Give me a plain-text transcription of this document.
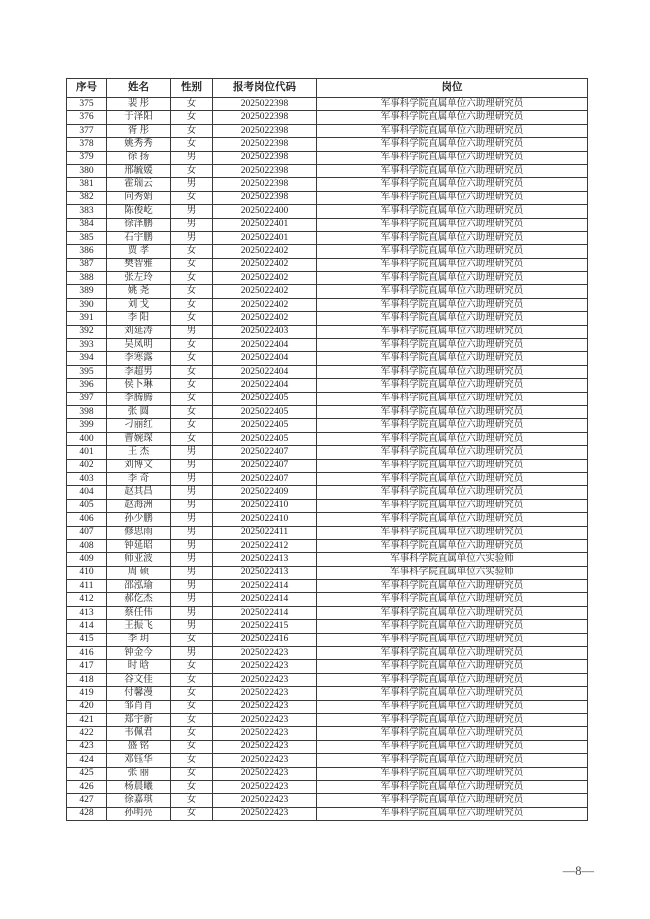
序号	姓名	性别	报考岗位代码	岗位
375	裴 彤	女	2025022398	军事科学院直属单位六助理研究员
376	于泽阳	女	2025022398	军事科学院直属单位六助理研究员
377	胥 彤	女	2025022398	军事科学院直属单位六助理研究员
378	姚秀秀	女	2025022398	军事科学院直属单位六助理研究员
379	徐 扬	男	2025022398	军事科学院直属单位六助理研究员
380	邢毓媛	女	2025022398	军事科学院直属单位六助理研究员
381	霍瑞云	男	2025022398	军事科学院直属单位六助理研究员
382	向秀娟	女	2025022398	军事科学院直属单位六助理研究员
383	陈俊屹	男	2025022400	军事科学院直属单位六助理研究员
384	徐泽鹏	男	2025022401	军事科学院直属单位六助理研究员
385	石宇鹏	男	2025022401	军事科学院直属单位六助理研究员
386	贾 孝	女	2025022402	军事科学院直属单位六助理研究员
387	樊智雅	女	2025022402	军事科学院直属单位六助理研究员
388	张左玲	女	2025022402	军事科学院直属单位六助理研究员
389	姚 尧	女	2025022402	军事科学院直属单位六助理研究员
390	刘 戈	女	2025022402	军事科学院直属单位六助理研究员
391	李 阳	女	2025022402	军事科学院直属单位六助理研究员
392	刘延涛	男	2025022403	军事科学院直属单位六助理研究员
393	吴凤明	女	2025022404	军事科学院直属单位六助理研究员
394	李寒露	女	2025022404	军事科学院直属单位六助理研究员
395	李超男	女	2025022404	军事科学院直属单位六助理研究员
396	侯卜琳	女	2025022404	军事科学院直属单位六助理研究员
397	李腾腾	女	2025022405	军事科学院直属单位六助理研究员
398	张 圆	女	2025022405	军事科学院直属单位六助理研究员
399	刁丽红	女	2025022405	军事科学院直属单位六助理研究员
400	曹婉琛	女	2025022405	军事科学院直属单位六助理研究员
401	王 杰	男	2025022407	军事科学院直属单位六助理研究员
402	刘博文	男	2025022407	军事科学院直属单位六助理研究员
403	李 奇	男	2025022407	军事科学院直属单位六助理研究员
404	赵其昌	男	2025022409	军事科学院直属单位六助理研究员
405	赵海洲	男	2025022410	军事科学院直属单位六助理研究员
406	孙少鹏	男	2025022410	军事科学院直属单位六助理研究员
407	修思雨	男	2025022411	军事科学院直属单位六助理研究员
408	钟延昭	男	2025022412	军事科学院直属单位六助理研究员
409	师亚波	男	2025022413	军事科学院直属单位六实验师
410	周 硕	男	2025022413	军事科学院直属单位六实验师
411	邵泓瑜	男	2025022414	军事科学院直属单位六助理研究员
412	郝仡杰	男	2025022414	军事科学院直属单位六助理研究员
413	蔡任伟	男	2025022414	军事科学院直属单位六助理研究员
414	王振飞	男	2025022415	军事科学院直属单位六助理研究员
415	李 玥	女	2025022416	军事科学院直属单位六助理研究员
416	钟金今	男	2025022423	军事科学院直属单位六助理研究员
417	时 晗	女	2025022423	军事科学院直属单位六助理研究员
418	谷文佳	女	2025022423	军事科学院直属单位六助理研究员
419	付馨漫	女	2025022423	军事科学院直属单位六助理研究员
420	邹肖肖	女	2025022423	军事科学院直属单位六助理研究员
421	郑宇新	女	2025022423	军事科学院直属单位六助理研究员
422	韦佩君	女	2025022423	军事科学院直属单位六助理研究员
423	盛 铭	女	2025022423	军事科学院直属单位六助理研究员
424	邓钰华	女	2025022423	军事科学院直属单位六助理研究员
425	张 丽	女	2025022423	军事科学院直属单位六助理研究员
426	杨晨曦	女	2025022423	军事科学院直属单位六助理研究员
427	徐嘉琪	女	2025022423	军事科学院直属单位六助理研究员
428	孙明亮	女	2025022423	军事科学院直属单位六助理研究员
—8—
